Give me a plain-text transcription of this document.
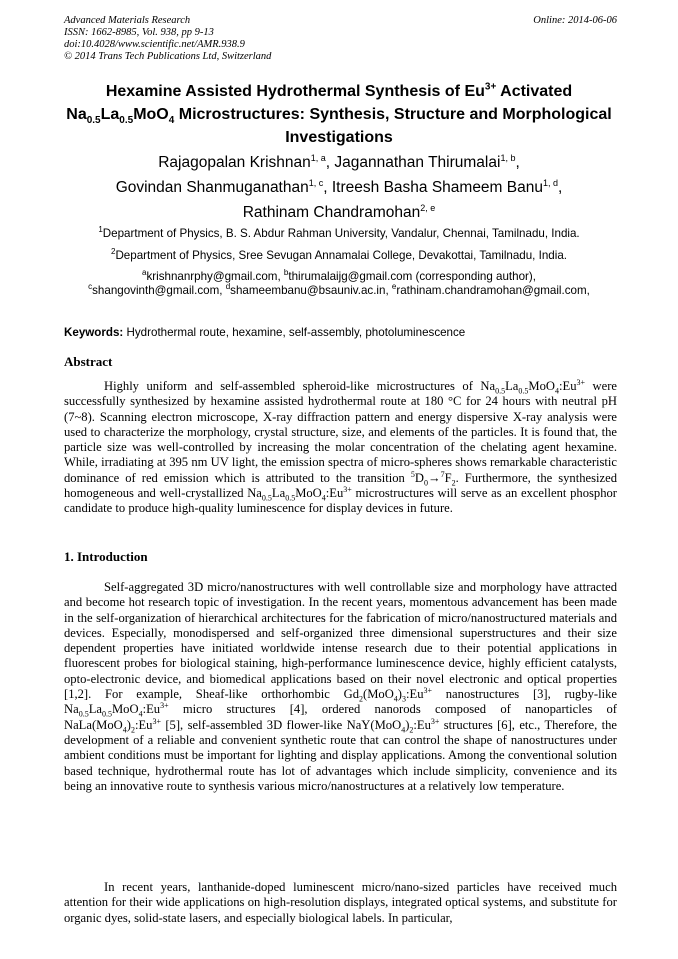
Advanced Materials Research
ISSN: 1662-8985, Vol. 938, pp 9-13
doi:10.4028/www.scientific.net/AMR.938.9
© 2014 Trans Tech Publications Ltd, Switzerland
Online: 2014-06-06
Hexamine Assisted Hydrothermal Synthesis of $Eu^{3+}$ Activated
$Na_{0.5}La_{0.5}MoO_4$ Microstructures: Synthesis, Structure and Morphological
Investigations
Rajagopalan Krishnan$^{1, a}$, Jagannathan Thirumalai$^{1, b}$,
Govindan Shanmuganathan$^{1, c}$, Itreesh Basha Shameem Banu$^{1, d}$,
Rathinam Chandramohan$^{2, e}$
$^1$Department of Physics, B. S. Abdur Rahman University, Vandalur, Chennai, Tamilnadu, India.
$^2$Department of Physics, Sree Sevugan Annamalai College, Devakottai, Tamilnadu, India.
$^a$krishnanrphy@gmail.com, $^b$thirumalaijg@gmail.com (corresponding author),
$^c$shangovinth@gmail.com, $^d$shameembanu@bsauniv.ac.in, $^e$rathinam.chandramohan@gmail.com,
Keywords: Hydrothermal route, hexamine, self-assembly, photoluminescence
Abstract
Highly uniform and self-assembled spheroid-like microstructures of $Na_{0.5}La_{0.5}MoO_4:Eu^{3+}$ were successfully synthesized by hexamine assisted hydrothermal route at 180 °C for 24 hours with neutral pH (7~8). Scanning electron microscope, X-ray diffraction pattern and energy dispersive X-ray analysis were used to characterize the morphology, crystal structure, size, and elements of the particles. It is found that, the particle size was well-controlled by increasing the molar concentration of the chelating agent hexamine. While, irradiating at 395 nm UV light, the emission spectra of micro-spheres shows remarkable characteristic dominance of red emission which is attributed to the transition $^5D_0\to^7F_2$. Furthermore, the synthesized homogeneous and well-crystallized $Na_{0.5}La_{0.5}MoO_4:Eu^{3+}$ microstructures will serve as an excellent phosphor candidate to produce high-quality luminescence for display devices in future.
1. Introduction
Self-aggregated 3D micro/nanostructures with well controllable size and morphology have attracted and become hot research topic of investigation. In the recent years, momentous advancement has been made in the self-organization of hierarchical architectures for the fabrication of micro/nanostructured materials and devices. Especially, monodispersed and self-organized three dimensional superstructures and their size dependent properties have initiated worldwide intense research due to their potential applications in fluorescent probes for biological staining, high-performance luminescence device, highly efficient catalysts, opto-electronic device, and biomedical applications based on their novel electronic and optical properties [1,2]. For example, Sheaf-like orthorhombic $Gd_2(MoO_4)_3:Eu^{3+}$ nanostructures [3], rugby-like $Na_{0.5}La_{0.5}MoO_4:Eu^{3+}$ micro structures [4], ordered nanorods composed of nanoparticles of $NaLa(MoO_4)_2:Eu^{3+}$ [5], self-assembled 3D flower-like $NaY(MoO_4)_2:Eu^{3+}$ structures [6], etc., Therefore, the development of a reliable and convenient synthetic route that can control the shape of nanostructures under ambient conditions must be important for lighting and display applications. Among the conventional solution based technique, hydrothermal route has lot of advantages which include simplicity, convenience and its being an innovative route to synthesis various micro/nanostructures at a relatively low temperature.
In recent years, lanthanide-doped luminescent micro/nano-sized particles have received much attention for their wide applications on high-resolution displays, integrated optical systems, and substitute for organic dyes, solid-state lasers, and especially biological labels. In particular,
